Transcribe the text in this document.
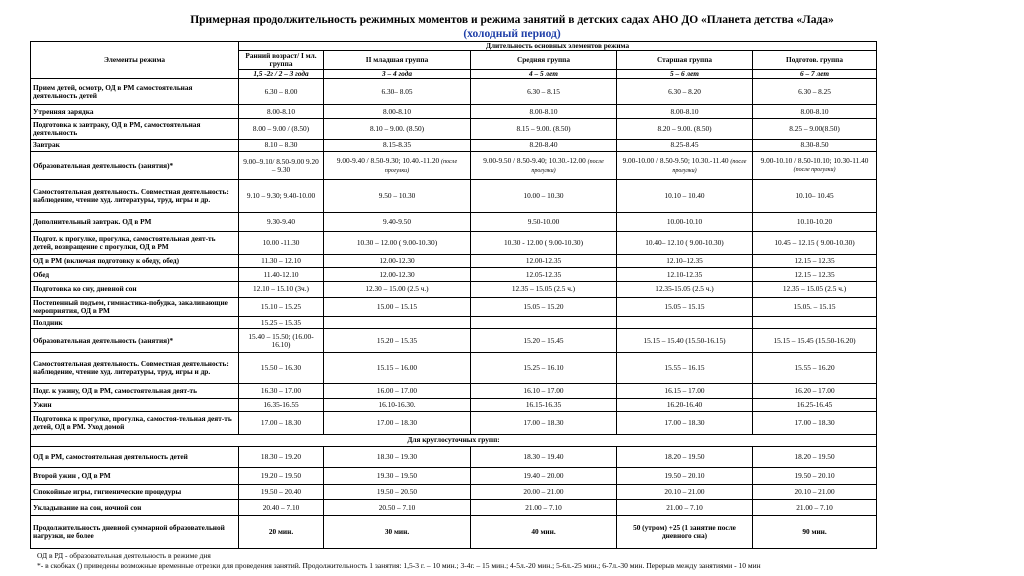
Примерная продолжительность режимных моментов и режима занятий в детских садах АНО ДО «Планета детства «Лада»
(холодный период)
Элементы режима	Длительность основных элементов режима				
	Ранний возраст/ I мл. группа	II младшая группа	Средняя группа	Старшая группа	Подготов. группа
	1,5 -2г / 2 – 3 года	3 – 4 года	4 – 5 лет	5 – 6 лет	6 – 7 лет
Прием детей, осмотр, ОД в РМ самостоятельная деятельность детей	6.30 – 8.00	6.30– 8.05	6.30 – 8.15	6.30 – 8.20	6.30 – 8.25
Утренняя зарядка	8.00-8.10	8.00-8.10	8.00-8.10	8.00-8.10	8.00-8.10
Подготовка к завтраку, ОД в РМ, самостоятельная деятельность	8.00 – 9.00 / (8.50)	8.10 – 9.00. (8.50)	8.15 – 9.00. (8.50)	8.20 – 9.00. (8.50)	8.25 – 9.00(8.50)
Завтрак	8.10 – 8.30	8.15-8.35	8.20-8.40	8.25-8.45	8.30-8.50
Образовательная деятельность (занятия)*	9.00–9.10/ 8.50-9.00 9.20 – 9.30	9.00-9.40 / 8.50-9.30; 10.40.-11.20 (после прогулки)	9.00-9.50 / 8.50-9.40; 10.30.-12.00 (после прогулки)	9.00-10.00 / 8.50-9.50; 10.30.-11.40 (после прогулки)	9.00-10.10 / 8.50-10.10; 10.30-11.40 (после прогулки)
Самостоятельная деятельность. Совместная деятельность: наблюдение, чтение худ. литературы, труд, игры и др.	9.10 – 9.30; 9.40-10.00	9.50 – 10.30	10.00 – 10.30	10.10 – 10.40	10.10– 10.45
Дополнительный завтрак. ОД в РМ	9.30-9.40	9.40-9.50	9.50-10.00	10.00-10.10	10.10-10.20
Подгот. к прогулке, прогулка, самостоятельная деят-ть детей, возвращение с прогулки, ОД в РМ	10.00 -11.30	10.30 – 12.00 ( 9.00-10.30)	10.30 - 12.00 ( 9.00-10.30)	10.40– 12.10 ( 9.00-10.30)	10.45 – 12.15 ( 9.00-10.30)
ОД в РМ (включая подготовку к обеду, обед)	11.30 – 12.10	12.00-12.30	12.00-12.35	12.10–12.35	12.15 – 12.35
Обед	11.40-12.10	12.00-12.30	12.05-12.35	12.10-12.35	12.15 – 12.35
Подготовка ко сну, дневной сон	12.10 – 15.10 (3ч.)	12.30 – 15.00 (2.5 ч.)	12.35 – 15.05 (2.5 ч.)	12.35-15.05 (2.5 ч.)	12.35 – 15.05 (2.5 ч.)
Постепенный подъем, гимнастика-побудка, закаливающие мероприятия, ОД в РМ	15.10 – 15.25	15.00 – 15.15	15.05 – 15.20	15.05 – 15.15	15.05. – 15.15
Полдник	15.25 – 15.35				
Образовательная деятельность (занятия)*	15.40 – 15.50; (16.00-16.10)	15.20 – 15.35	15.20 – 15.45	15.15 – 15.40 (15.50-16.15)	15.15 – 15.45 (15.50-16.20)
Самостоятельная деятельность. Совместная деятельность: наблюдение, чтение худ. литературы, труд, игры и др.	15.50 – 16.30	15.15 – 16.00	15.25 – 16.10	15.55 – 16.15	15.55 – 16.20
Подг. к ужину, ОД в РМ, самостоятельная деят-ть	16.30 – 17.00	16.00 – 17.00	16.10 – 17.00	16.15 – 17.00	16.20 – 17.00
Ужин	16.35-16.55	16.10-16.30.	16.15-16.35	16.20-16.40	16.25-16.45
Подготовка к прогулке, прогулка, самостоя-тельная деят-ть детей, ОД в РМ. Уход домой	17.00 – 18.30	17.00 – 18.30	17.00 – 18.30	17.00 – 18.30	17.00 – 18.30
Для круглосуточных групп:					
ОД в РМ, самостоятельная деятельность детей	18.30 – 19.20	18.30 – 19.30	18.30 – 19.40	18.20 – 19.50	18.20 – 19.50
Второй ужин , ОД в РМ	19.20 – 19.50	19.30 – 19.50	19.40 – 20.00	19.50 – 20.10	19.50 – 20.10
Спокойные игры, гигиенические процедуры	19.50 – 20.40	19.50 – 20.50	20.00 – 21.00	20.10 – 21.00	20.10 – 21.00
Укладывание на сон, ночной сон	20.40 – 7.10	20.50 – 7.10	21.00 – 7.10	21.00 – 7.10	21.00 – 7.10
Продолжительность дневной суммарной образовательной нагрузки, не более	20 мин.	30 мин.	40 мин.	50 (утром) +25 (1 занятие после дневного сна)	90 мин.
ОД в РД - образовательная деятельность в режиме дня
*- в скобках () приведены возможные временные отрезки для проведения занятий. Продолжительность 1 занятия: 1,5-3 г. – 10 мин.; 3-4г. – 15 мин.; 4-5л.-20 мин.; 5-6л.-25 мин.; 6-7л.-30 мин. Перерыв между занятиями - 10 мин
